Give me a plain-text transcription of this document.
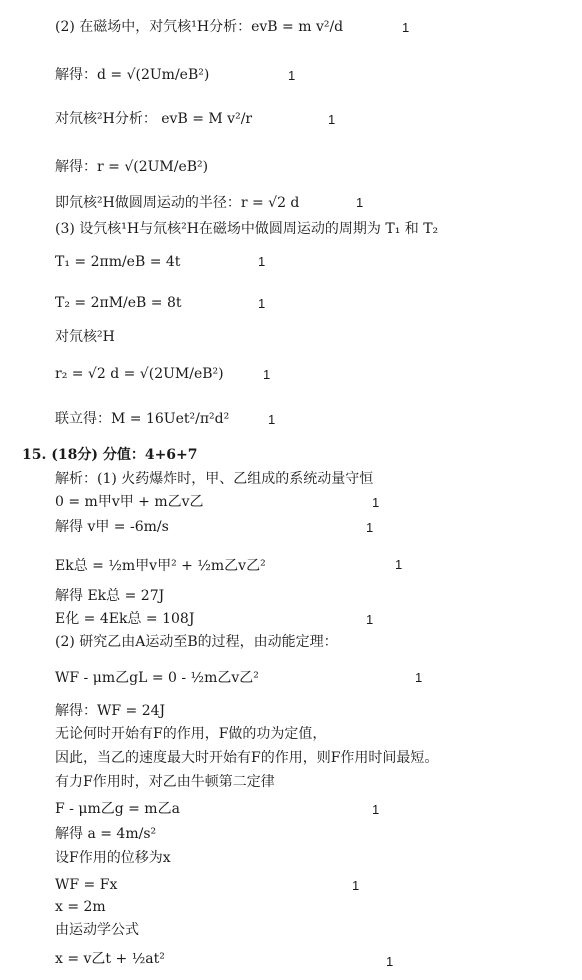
(2) 在磁场中，对氕核¹H分析：evB = m v²/d	1
解得：d = √(2Um/eB²)	1
对氘核²H分析： evB = M v²/r	1
解得：r = √(2UM/eB²)
即氘核²H做圆周运动的半径：r = √2 d	1
(3) 设氕核¹H与氘核²H在磁场中做圆周运动的周期为 T₁ 和 T₂
T₁ = 2πm/eB = 4t	1
T₂ = 2πM/eB = 8t	1
对氘核²H
r₂ = √2 d = √(2UM/eB²)	1
联立得：M = 16Uet²/π²d²	1
15. (18分) 分值：4+6+7
解析：(1) 火药爆炸时，甲、乙组成的系统动量守恒
0 = m甲v甲 + m乙v乙	1
解得 v甲 = -6m/s	1
Ek总 = ½m甲v甲² + ½m乙v乙²	1
解得 Ek总 = 27J
E化 = 4Ek总 = 108J	1
(2) 研究乙由A运动至B的过程，由动能定理：
WF - μm乙gL = 0 - ½m乙v乙²	1
解得：WF = 24J
无论何时开始有F的作用，F做的功为定值，
因此，当乙的速度最大时开始有F的作用，则F作用时间最短。
有力F作用时，对乙由牛顿第二定律
F - μm乙g = m乙a	1
解得 a = 4m/s²
设F作用的位移为x
WF = Fx	1
x = 2m
由运动学公式
x = v乙t + ½at²	1
